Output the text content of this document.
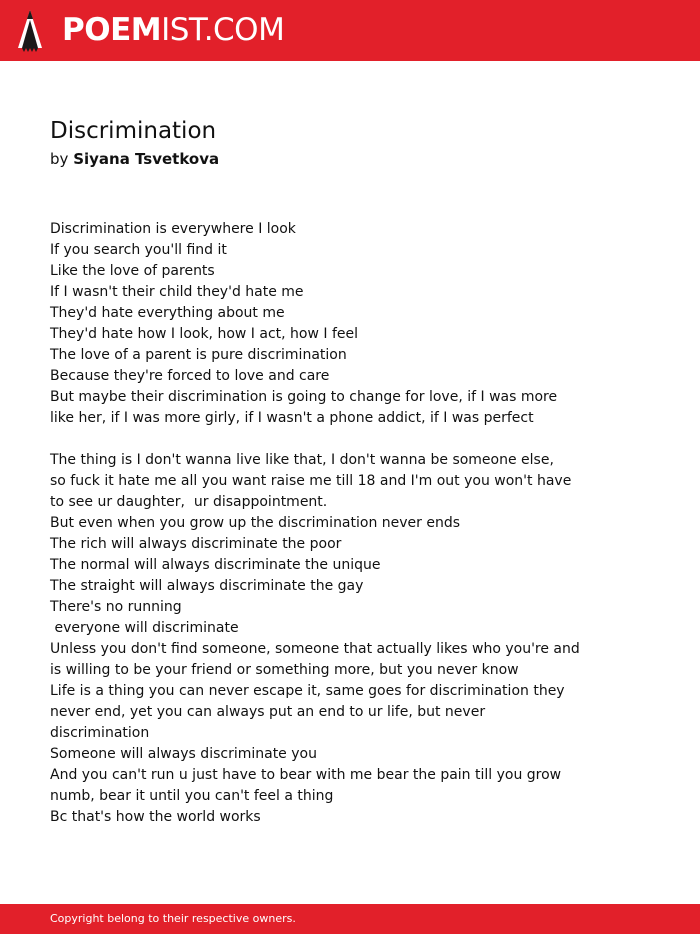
POEMIST.COM
Discrimination
by Siyana Tsvetkova
Discrimination is everywhere I look
If you search you'll find it
Like the love of parents
If I wasn't their child they'd hate me
They'd hate everything about me
They'd hate how I look, how I act, how I feel
The love of a parent is pure discrimination
Because they're forced to love and care
But maybe their discrimination is going to change for love, if I was more
like her, if I was more girly, if I wasn't a phone addict, if I was perfect
The thing is I don't wanna live like that, I don't wanna be someone else,
so fuck it hate me all you want raise me till 18 and I'm out you won't have
to see ur daughter,  ur disappointment.
But even when you grow up the discrimination never ends
The rich will always discriminate the poor
The normal will always discriminate the unique
The straight will always discriminate the gay
There's no running
everyone will discriminate
Unless you don't find someone, someone that actually likes who you're and
is willing to be your friend or something more, but you never know
Life is a thing you can never escape it, same goes for discrimination they
never end, yet you can always put an end to ur life, but never
discrimination
Someone will always discriminate you
And you can't run u just have to bear with me bear the pain till you grow
numb, bear it until you can't feel a thing
Bc that's how the world works
Copyright belong to their respective owners.
